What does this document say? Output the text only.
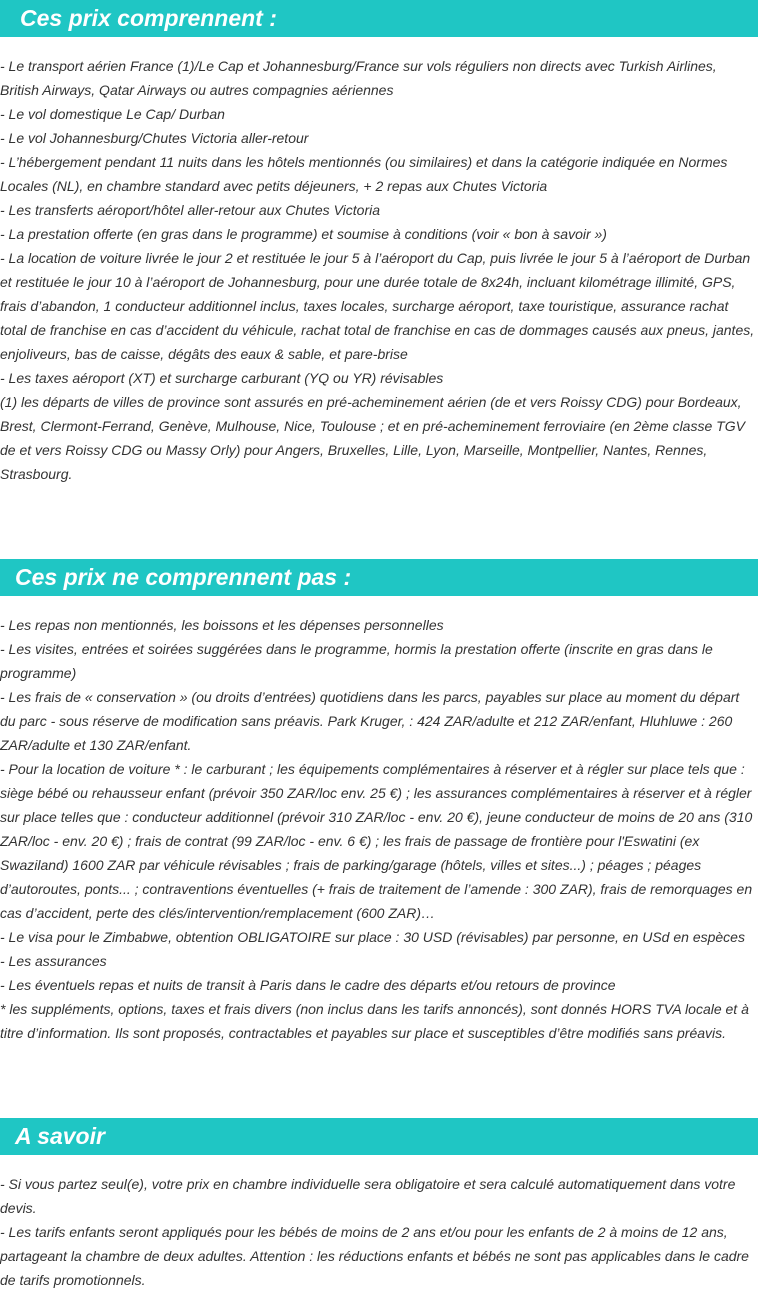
Ces prix comprennent :

- Le transport aérien France (1)/Le Cap et Johannesburg/France sur vols réguliers non directs avec Turkish Airlines, British Airways, Qatar Airways ou autres compagnies aériennes

- Le vol domestique Le Cap/ Durban

- Le vol Johannesburg/Chutes Victoria aller-retour

- L’hébergement pendant 11 nuits dans les hôtels mentionnés (ou similaires) et dans la catégorie indiquée en Normes Locales (NL), en chambre standard avec petits déjeuners, + 2 repas aux Chutes Victoria

- Les transferts aéroport/hôtel aller-retour aux Chutes Victoria

- La prestation offerte (en gras dans le programme) et soumise à conditions (voir « bon à savoir »)

- La location de voiture livrée le jour 2 et restituée le jour 5 à l’aéroport du Cap, puis livrée le jour 5 à l’aéroport de Durban et restituée le jour 10 à l’aéroport de Johannesburg, pour une durée totale de 8x24h, incluant kilométrage illimité, GPS, frais d’abandon, 1 conducteur additionnel inclus, taxes locales, surcharge aéroport, taxe touristique, assurance rachat total de franchise en cas d’accident du véhicule, rachat total de franchise en cas de dommages causés aux pneus, jantes, enjoliveurs, bas de caisse, dégâts des eaux & sable, et pare-brise

- Les taxes aéroport (XT) et surcharge carburant (YQ ou YR) révisables

(1) les départs de villes de province sont assurés en pré-acheminement aérien (de et vers Roissy CDG) pour Bordeaux, Brest, Clermont-Ferrand, Genève, Mulhouse, Nice, Toulouse ; et en pré-acheminement ferroviaire (en 2ème classe TGV de et vers Roissy CDG ou Massy Orly) pour Angers, Bruxelles, Lille, Lyon, Marseille, Montpellier, Nantes, Rennes, Strasbourg.

Ces prix ne comprennent pas :

- Les repas non mentionnés, les boissons et les dépenses personnelles

- Les visites, entrées et soirées suggérées dans le programme, hormis la prestation offerte (inscrite en gras dans le programme)

- Les frais de « conservation » (ou droits d’entrées) quotidiens dans les parcs, payables sur place au moment du départ du parc - sous réserve de modification sans préavis. Park Kruger, : 424 ZAR/adulte et 212 ZAR/enfant, Hluhluwe : 260 ZAR/adulte et 130 ZAR/enfant.

- Pour la location de voiture * : le carburant ; les équipements complémentaires à réserver et à régler sur place tels que : siège bébé ou rehausseur enfant (prévoir 350 ZAR/loc env. 25 €) ; les assurances complémentaires à réserver et à régler sur place telles que : conducteur additionnel (prévoir 310 ZAR/loc - env. 20 €), jeune conducteur de moins de 20 ans (310 ZAR/loc - env. 20 €) ; frais de contrat (99 ZAR/loc - env. 6 €) ; les frais de passage de frontière pour l'Eswatini (ex Swaziland) 1600 ZAR par véhicule révisables ; frais de parking/garage (hôtels, villes et sites...) ; péages ; péages d’autoroutes, ponts... ; contraventions éventuelles (+ frais de traitement de l’amende : 300 ZAR), frais de remorquages en cas d’accident, perte des clés/intervention/remplacement (600 ZAR)…

- Le visa pour le Zimbabwe, obtention OBLIGATOIRE sur place : 30 USD (révisables) par personne, en USd en espèces

- Les assurances

- Les éventuels repas et nuits de transit à Paris dans le cadre des départs et/ou retours de province

* les suppléments, options, taxes et frais divers (non inclus dans les tarifs annoncés), sont donnés HORS TVA locale et à titre d’information. Ils sont proposés, contractables et payables sur place et susceptibles d’être modifiés sans préavis.

A savoir

- Si vous partez seul(e), votre prix en chambre individuelle sera obligatoire et sera calculé automatiquement dans votre devis.

- Les tarifs enfants seront appliqués pour les bébés de moins de 2 ans et/ou pour les enfants de 2 à moins de 12 ans, partageant la chambre de deux adultes. Attention : les réductions enfants et bébés ne sont pas applicables dans le cadre de tarifs promotionnels.
